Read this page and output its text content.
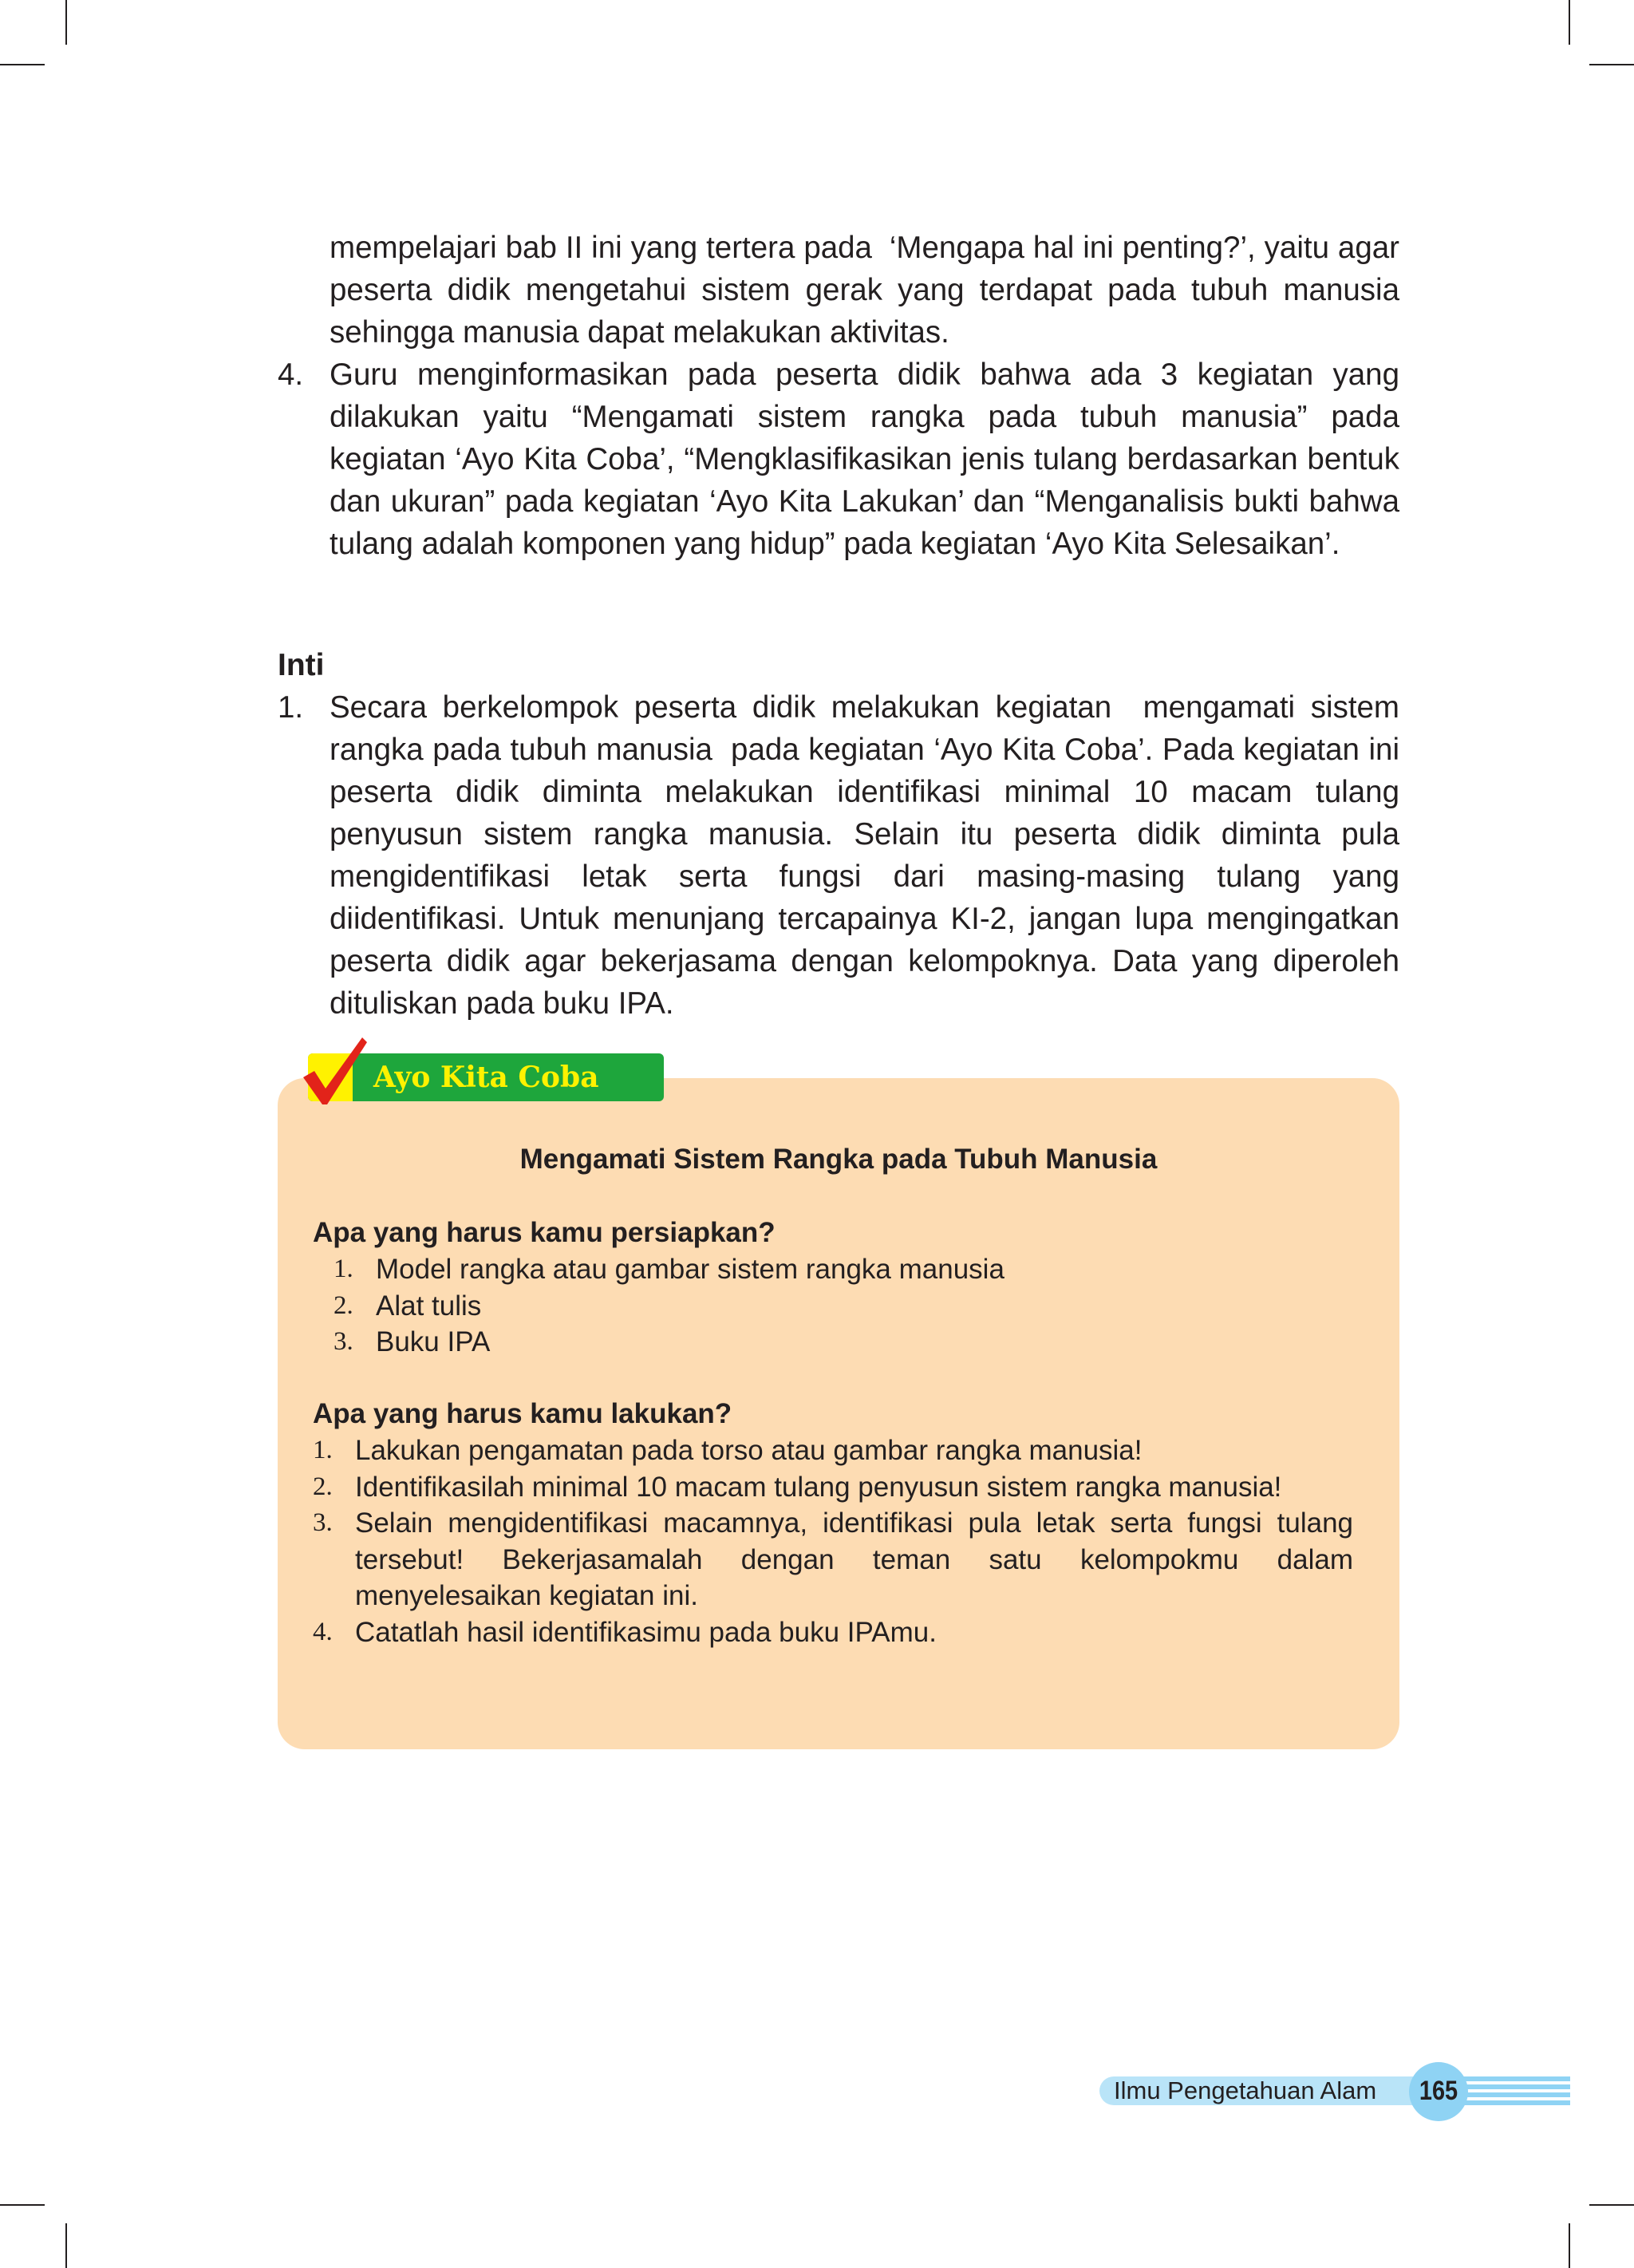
mempelajari bab II ini yang tertera pada  ‘Mengapa hal ini penting?’, yaitu agar peserta didik mengetahui sistem gerak yang terdapat pada tubuh manusia sehingga manusia dapat melakukan aktivitas.
4. Guru menginformasikan pada peserta didik bahwa ada 3 kegiatan yang dilakukan yaitu “Mengamati sistem rangka pada tubuh manusia” pada kegiatan ‘Ayo Kita Coba’, “Mengklasifikasikan jenis tulang berdasarkan bentuk dan ukuran” pada kegiatan ‘Ayo Kita Lakukan’ dan “Menganalisis bukti bahwa tulang adalah komponen yang hidup” pada kegiatan ‘Ayo Kita Selesaikan’.
Inti
1. Secara berkelompok peserta didik melakukan kegiatan  mengamati sistem rangka pada tubuh manusia  pada kegiatan ‘Ayo Kita Coba’. Pada kegiatan ini peserta didik diminta melakukan identifikasi minimal 10 macam tulang penyusun sistem rangka manusia. Selain itu peserta didik diminta pula mengidentifikasi letak serta fungsi dari masing-masing tulang yang diidentifikasi. Untuk menunjang tercapainya KI-2, jangan lupa mengingatkan peserta didik agar bekerjasama dengan kelompoknya. Data yang diperoleh dituliskan pada buku IPA.
Ayo Kita Coba
Mengamati Sistem Rangka pada Tubuh Manusia
Apa yang harus kamu persiapkan?
1. Model rangka atau gambar sistem rangka manusia
2. Alat tulis
3. Buku IPA
Apa yang harus kamu lakukan?
1. Lakukan pengamatan pada torso atau gambar rangka manusia!
2. Identifikasilah minimal 10 macam tulang penyusun sistem rangka manusia!
3. Selain mengidentifikasi macamnya, identifikasi pula letak serta fungsi tulang tersebut! Bekerjasamalah dengan teman satu kelompokmu dalam menyelesaikan kegiatan ini.
4. Catatlah hasil identifikasimu pada buku IPAmu.
Ilmu Pengetahuan Alam 165
